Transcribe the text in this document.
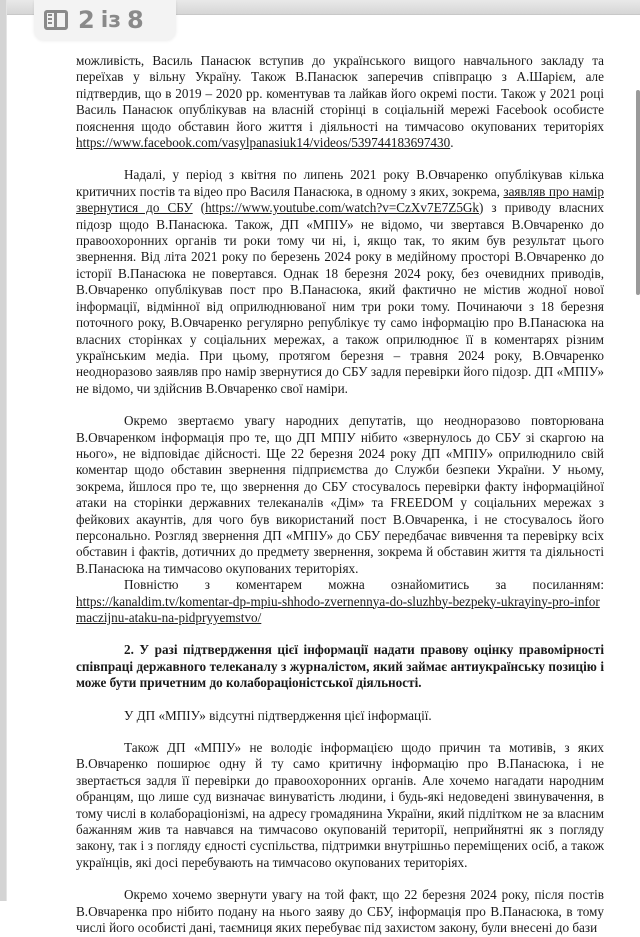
2 із 8

можливість, Василь Панасюк вступив до українського вищого навчального закладу та переїхав у вільну Україну. Також В.Панасюк заперечив співпрацю з А.Шарієм, але підтвердив, що в 2019 – 2020 рр. коментував та лайкав його окремі пости. Також у 2021 році Василь Панасюк опублікував на власній сторінці в соціальній мережі Facebook особисте пояснення щодо обставин його життя і діяльності на тимчасово окупованих територіях https://www.facebook.com/vasylpanasiuk14/videos/539744183697430.

Надалі, у період з квітня по липень 2021 року В.Овчаренко опублікував кілька критичних постів та відео про Василя Панасюка, в одному з яких, зокрема, заявляв про намір звернутися до СБУ (https://www.youtube.com/watch?v=CzXv7E7Z5Gk) з приводу власних підозр щодо В.Панасюка. Також, ДП «МПІУ» не відомо, чи звертався В.Овчаренко до правоохоронних органів ти роки тому чи ні, і, якщо так, то яким був результат цього звернення. Від літа 2021 року по березень 2024 року в медійному просторі В.Овчаренко до історії В.Панасюка не повертався. Однак 18 березня 2024 року, без очевидних приводів, В.Овчаренко опублікував пост про В.Панасюка, який фактично не містив жодної нової інформації, відмінної від оприлюднюваної ним три роки тому. Починаючи з 18 березня поточного року, В.Овчаренко регулярно републікує ту само інформацію про В.Панасюка на власних сторінках у соціальних мережах, а також оприлюднює її в коментарях різним українським медіа. При цьому, протягом березня – травня 2024 року, В.Овчаренко неодноразово заявляв про намір звернутися до СБУ задля перевірки його підозр. ДП «МПІУ» не відомо, чи здійснив В.Овчаренко свої наміри.

Окремо звертаємо увагу народних депутатів, що неодноразово повторювана В.Овчаренком інформація про те, що ДП МПІУ нібито «звернулось до СБУ зі скаргою на нього», не відповідає дійсності. Ще 22 березня 2024 року ДП «МПІУ» оприлюднило свій коментар щодо обставин звернення підприємства до Служби безпеки України. У ньому, зокрема, йшлося про те, що звернення до СБУ стосувалось перевірки факту інформаційної атаки на сторінки державних телеканалів «Дім» та FREEDOM у соціальних мережах з фейкових акаунтів, для чого був використаний пост В.Овчаренка, і не стосувалось його персонально. Розгляд звернення ДП «МПІУ» до СБУ передбачає вивчення та перевірку всіх обставин і фактів, дотичних до предмету звернення, зокрема й обставин життя та діяльності В.Панасюка на тимчасово окупованих територіях.

Повністю з коментарем можна ознайомитись за посиланням:

https://kanaldim.tv/komentar-dp-mpiu-shhodo-zvernennya-do-sluzhby-bezpeky-ukrayiny-pro-informaczijnu-ataku-na-pidpryyemstvo/

2. У разі підтвердження цієї інформації надати правову оцінку правомірності співпраці державного телеканалу з журналістом, який займає антиукраїнську позицію і може бути причетним до колабораціоністської діяльності.

У ДП «МПІУ» відсутні підтвердження цієї інформації.

Також ДП «МПІУ» не володіє інформацією щодо причин та мотивів, з яких В.Овчаренко поширює одну й ту само критичну інформацію про В.Панасюка, і не звертається задля її перевірки до правоохоронних органів. Але хочемо нагадати народним обранцям, що лише суд визначає винуватість людини, і будь-які недоведені звинувачення, в тому числі в колабораціонізмі, на адресу громадянина України, який підлітком не за власним бажанням жив та навчався на тимчасово окупованій території, неприйнятні як з погляду закону, так і з погляду єдності суспільства, підтримки внутрішньо переміщених осіб, а також українців, які досі перебувають на тимчасово окупованих територіях.

Окремо хочемо звернути увагу на той факт, що 22 березня 2024 року, після постів В.Овчаренка про нібито подану на нього заяву до СБУ, інформація про В.Панасюка, в тому числі його особисті дані, таємниця яких перебуває під захистом закону, були внесені до бази
